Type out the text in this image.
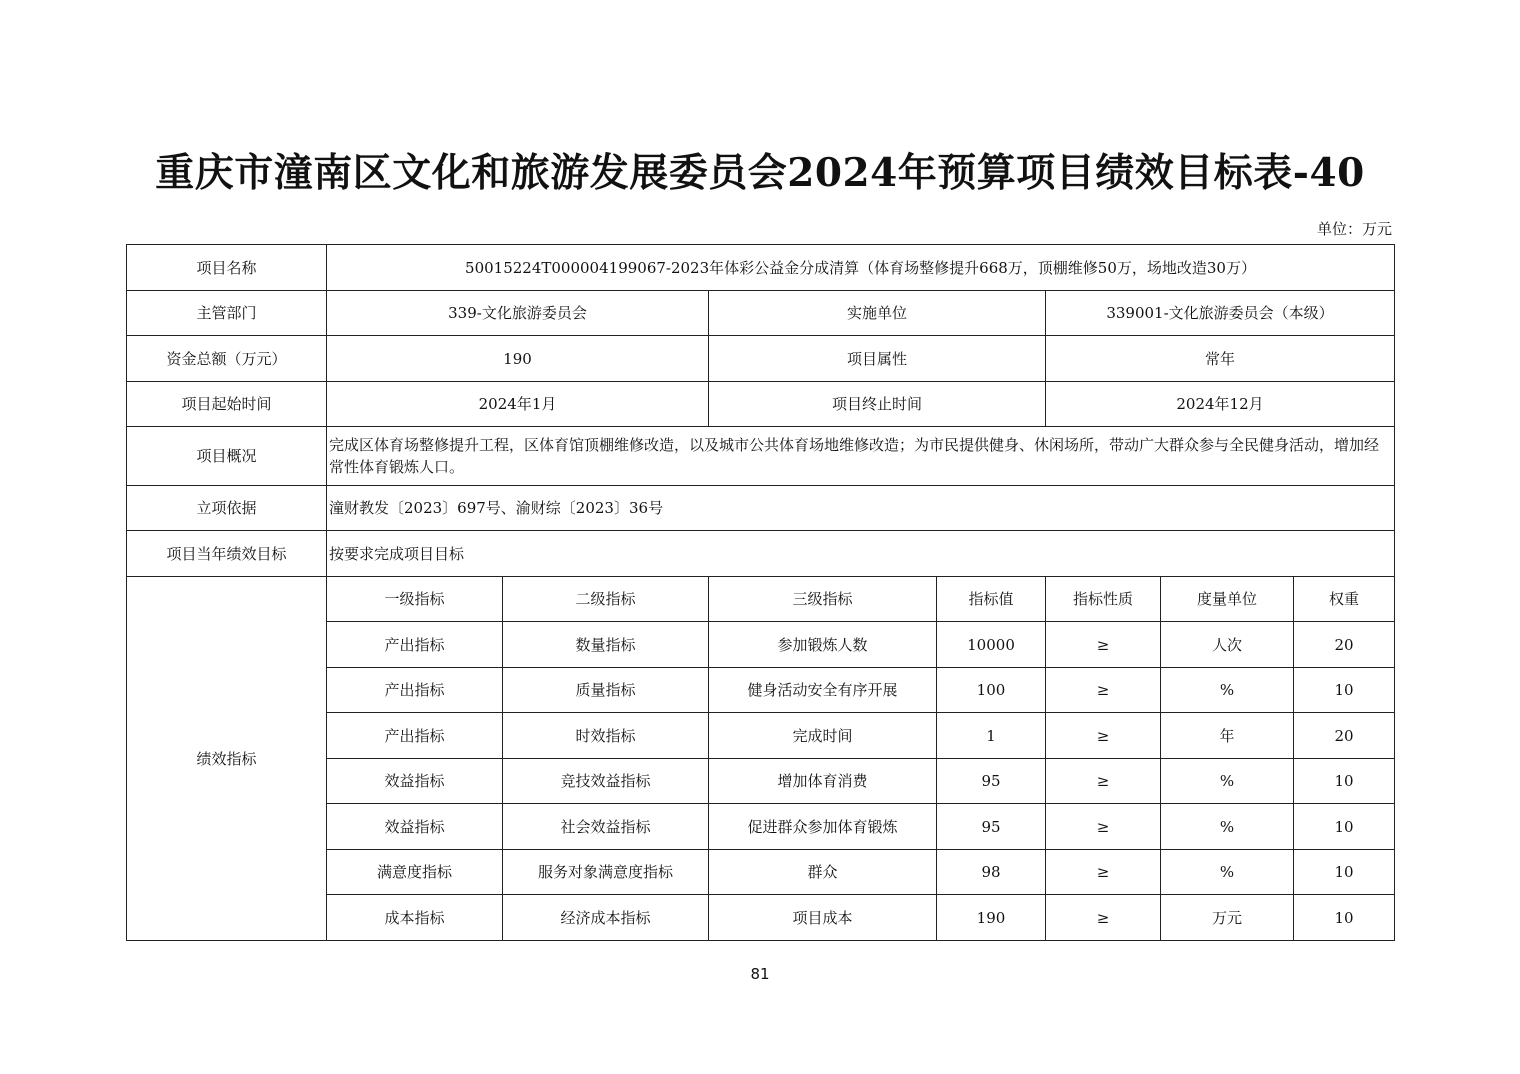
重庆市潼南区文化和旅游发展委员会2024年预算项目绩效目标表-40
单位：万元
项目名称	50015224T000004199067-2023年体彩公益金分成清算（体育场整修提升668万，顶棚维修50万，场地改造30万）						
主管部门	339-文化旅游委员会		实施单位		339001-文化旅游委员会（本级）		
资金总额（万元）	190		项目属性		常年		
项目起始时间	2024年1月		项目终止时间		2024年12月		
项目概况	完成区体育场整修提升工程，区体育馆顶棚维修改造，以及城市公共体育场地维修改造；为市民提供健身、休闲场所，带动广大群众参与全民健身活动，增加经常性体育锻炼人口。						
立项依据	潼财教发〔2023〕697号、渝财综〔2023〕36号						
项目当年绩效目标	按要求完成项目目标						
绩效指标	一级指标	二级指标	三级指标	指标值	指标性质	度量单位	权重
	产出指标	数量指标	参加锻炼人数	10000	≥	人次	20
	产出指标	质量指标	健身活动安全有序开展	100	≥	%	10
	产出指标	时效指标	完成时间	1	≥	年	20
	效益指标	竞技效益指标	增加体育消费	95	≥	%	10
	效益指标	社会效益指标	促进群众参加体育锻炼	95	≥	%	10
	满意度指标	服务对象满意度指标	群众	98	≥	%	10
	成本指标	经济成本指标	项目成本	190	≥	万元	10
81
